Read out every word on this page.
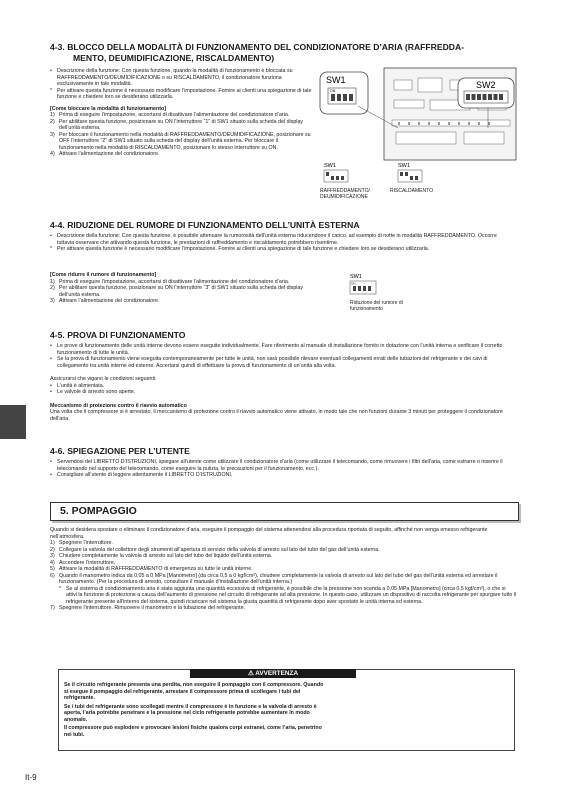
4-3. BLOCCO DELLA MODALITÀ DI FUNZIONAMENTO DEL CONDIZIONATORE D’ARIA (RAFFREDDA-
MENTO, DEUMIDIFICAZIONE, RISCALDAMENTO)
• Descrizione della funzione: Con questa funzione, quando la modalità di funzionamento è bloccata su RAFFREDDAMENTO/DEUMIDIFICAZIONE o su RISCALDAMENTO, il condizionatore funziona esclusivamente in tale modalità.
* Per attivare questa funzione è necessario modificare l’impostazione. Fornire ai clienti una spiegazione di tale funzione e chiedere loro se desiderano utilizzarla.
[Come bloccare la modalità di funzionamento]
1) Prima di eseguire l’impostazione, accertarsi di disattivare l’alimentazione del condizionatore d’aria.
2) Per abilitare questa funzione, posizionare su ON l’interruttore “1” di SW1 situato sulla scheda del display dell’unità esterna.
3) Per bloccare il funzionamento nella modalità di RAFFREDDAMENTO/DEUMIDIFICAZIONE, posizionare su OFF l’interruttore “2” di SW1 situato sulla scheda del display dell’unità esterna. Per bloccare il funzionamento nella modalità di RISCALDAMENTO, posizionare lo stesso interruttore su ON.
4) Attivare l’alimentazione del condizionatore.
SW1
ON
SW2
SW1	SW1
RAFFREDDAMENTO/ DEUMIDIFICAZIONE
RISCALDAMENTO
4-4. RIDUZIONE DEL RUMORE DI FUNZIONAMENTO DELL’UNITÀ ESTERNA
• Descrizione della funzione: Con questa funzione, è possibile attenuare la rumorosità dell’unità esterna riducendone il carico, ad esempio di notte in modalità RAFFREDDAMENTO. Occorre tuttavia osservare che attivando questa funzione, le prestazioni di raffreddamento e riscaldamento potrebbero risentirne.
* Per attivare questa funzione è necessario modificare l’impostazione. Fornire ai clienti una spiegazione di tale funzione e chiedere loro se desiderano utilizzarla.
[Come ridurre il rumore di funzionamento]
1) Prima di eseguire l’impostazione, accertarsi di disattivare l’alimentazione del condizionatore d’aria.
2) Per abilitare questa funzione, posizionare su ON l’interruttore “3” di SW1 situato sulla scheda del display dell’unità esterna.
3) Attivare l’alimentazione del condizionatore.
SW1
ON
Riduzione del rumore di funzionamento
4-5. PROVA DI FUNZIONAMENTO
• Le prove di funzionamento delle unità interne devono essere eseguite individualmente. Fare riferimento al manuale di installazione fornito in dotazione con l’unità interna e verificare il corretto funzionamento di tutte le unità.
• Se la prova di funzionamento viene eseguita contemporaneamente per tutte le unità, non sarà possibile rilevare eventuali collegamenti errati delle tubazioni del refrigerante e dei cavi di collegamento tra unità interne ed esterne. Accertarsi quindi di effettuare la prova di funzionamento di un’unità alla volta.
Assicurarsi che vigano le condizioni seguenti.
• L’unità è alimentata.
• Le valvole di arresto sono aperte.
Meccanismo di protezione contro il riavvio automatico
Una volta che il compressore si è arrestato, il meccanismo di protezione contro il riavvio automatico viene attivato, in modo tale che non funzioni durante 3 minuti per proteggere il condizionatore dell’aria.
4-6. SPIEGAZIONE PER L’UTENTE
• Servendosi del LIBRETTO D’ISTRUZIONI, spiegare all’utente come utilizzare il condizionatore d’aria (come utilizzare il telecomando, come rimuovere i filtri dell’aria, come estrarre o inserire il telecomando nel supporto del telecomando, come eseguire la pulizia, le precauzioni per il funzionamento, ecc.).
• Consigliare all’utente di leggere attentamente il LIBRETTO D’ISTRUZIONI.
5. POMPAGGIO
Quando si desidera spostare o eliminare il condizionatore d’aria, eseguire il pompaggio del sistema attenendosi alla procedura riportata di seguito, affinché non venga emesso refrigerante nell’atmosfera.
1) Spegnere l’interruttore.
2) Collegare la valvola del collettore degli strumenti all’apertura di servizio della valvola di arresto sul lato del tubo del gas dell’unità esterna.
3) Chiudere completamente la valvola di arresto sul lato del tubo del liquido dell’unità esterna.
4) Accendere l’interruttore.
5) Attivare la modalità di RAFFREDDAMENTO di emergenza su tutte le unità interne.
6) Quando il manometro indica da 0,05 a 0 MPa [Manometro] (da circa 0,5 a 0 kgf/cm²), chiudere completamente la valvola di arresto sul lato del tubo del gas dell’unità esterna ed arrestare il funzionamento. (Per la procedura di arresto, consultare il manuale d’installazione dell’unità interna.)
* Se al sistema di condizionamento aria è stata aggiunta una quantità eccessiva di refrigerante, è possibile che la pressione non scenda a 0,05 MPa [Manometro] (circa 0,5 kgf/cm²), o che si attivi la funzione di protezione a causa dell’aumento di pressione nel circuito di refrigerante ad alta pressione. In questo caso, utilizzare un dispositivo di raccolta refrigerante per spurgare tutto il refrigerante presente all’interno del sistema, quindi ricaricare nel sistema la giusta quantità di refrigerante dopo aver spostato le unità interna ed esterna.
7) Spegnere l’interruttore. Rimuovere il manometro e la tubazione del refrigerante.
⚠ AVVERTENZA

Se il circuito refrigerante presenta una perdita, non eseguire il pompaggio con il compressore. Quando si esegue il pompaggio del refrigerante, arrestare il compressore prima di scollegare i tubi del refrigerante.

Se i tubi del refrigerante sono scollegati mentre il compressore è in funzione e la valvola di arresto è aperta, l’aria potrebbe penetrare e la pressione nel ciclo refrigerante potrebbe aumentare in modo anomalo.

Il compressore può esplodere e provocare lesioni fisiche qualora corpi estranei, come l’aria, penetrino nei tubi.

It-9
